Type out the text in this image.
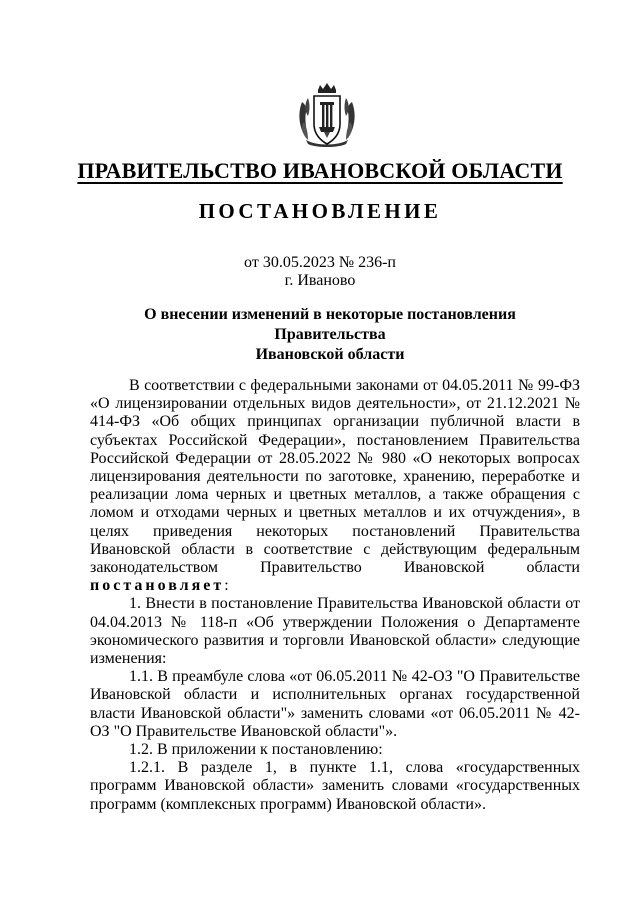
ПРАВИТЕЛЬСТВО ИВАНОВСКОЙ ОБЛАСТИ
ПОСТАНОВЛЕНИЕ
от 30.05.2023 № 236-п
г. Иваново
О внесении изменений в некоторые постановления Правительства
Ивановской области

В соответствии с федеральными законами от 04.05.2011 № 99-ФЗ «О лицензировании отдельных видов деятельности», от 21.12.2021 № 414-ФЗ «Об общих принципах организации публичной власти в субъектах Российской Федерации», постановлением Правительства Российской Федерации от 28.05.2022 № 980 «О некоторых вопросах лицензирования деятельности по заготовке, хранению, переработке и реализации лома черных и цветных металлов, а также обращения с ломом и отходами черных и цветных металлов и их отчуждения», в целях приведения некоторых постановлений Правительства Ивановской области в соответствие с действующим федеральным законодательством Правительство Ивановской области постановляет:

1. Внести в постановление Правительства Ивановской области от 04.04.2013 № 118-п «Об утверждении Положения о Департаменте экономического развития и торговли Ивановской области» следующие изменения:

1.1. В преамбуле слова «от 06.05.2011 № 42-ОЗ "О Правительстве Ивановской области и исполнительных органах государственной власти Ивановской области"» заменить словами «от 06.05.2011 № 42-ОЗ "О Правительстве Ивановской области"».

1.2. В приложении к постановлению:

1.2.1. В разделе 1, в пункте 1.1, слова «государственных программ Ивановской области» заменить словами «государственных программ (комплексных программ) Ивановской области».
